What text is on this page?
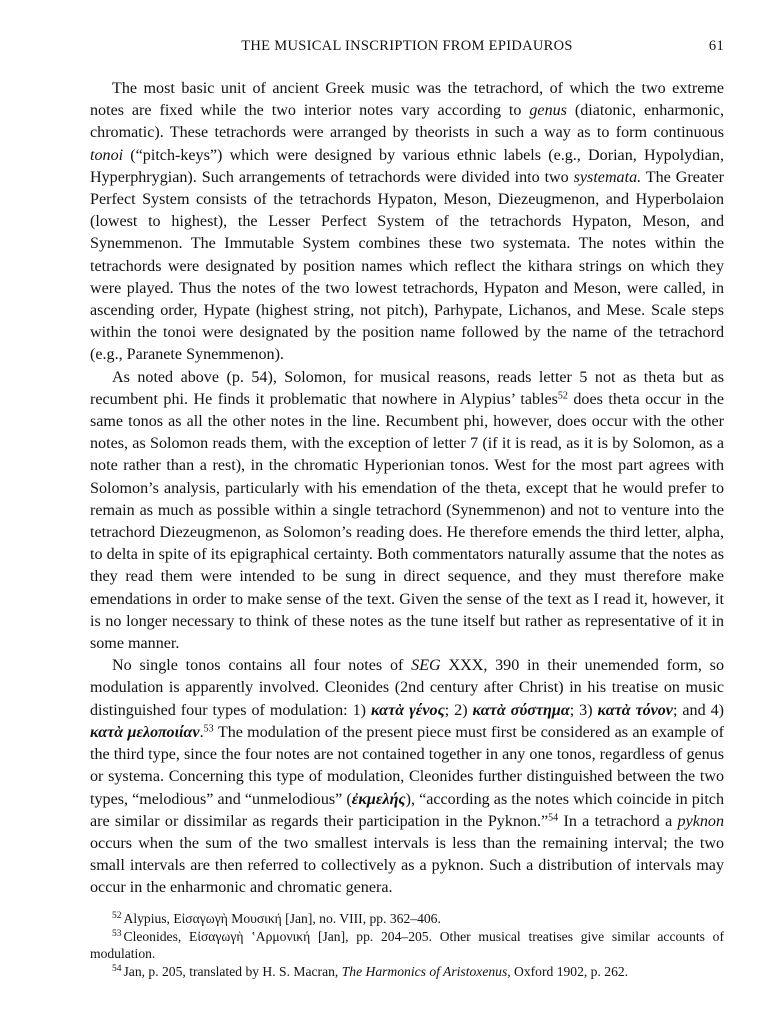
THE MUSICAL INSCRIPTION FROM EPIDAUROS	61

The most basic unit of ancient Greek music was the tetrachord, of which the two extreme notes are fixed while the two interior notes vary according to genus (diatonic, enharmonic, chromatic). These tetrachords were arranged by theorists in such a way as to form continuous tonoi (“pitch-keys”) which were designed by various ethnic labels (e.g., Dorian, Hypolydian, Hyperphrygian). Such arrangements of tetrachords were divided into two systemata. The Greater Perfect System consists of the tetrachords Hypaton, Meson, Diezeugmenon, and Hyperbolaion (lowest to highest), the Lesser Perfect System of the tetrachords Hypaton, Meson, and Synemmenon. The Immutable System combines these two systemata. The notes within the tetrachords were designated by position names which reflect the kithara strings on which they were played. Thus the notes of the two lowest tetrachords, Hypaton and Meson, were called, in ascending order, Hypate (highest string, not pitch), Parhypate, Lichanos, and Mese. Scale steps within the tonoi were designated by the position name followed by the name of the tetrachord (e.g., Paranete Synemmenon).

As noted above (p. 54), Solomon, for musical reasons, reads letter 5 not as theta but as recumbent phi. He finds it problematic that nowhere in Alypius’ tables$^{52}$ does theta occur in the same tonos as all the other notes in the line. Recumbent phi, however, does occur with the other notes, as Solomon reads them, with the exception of letter 7 (if it is read, as it is by Solomon, as a note rather than a rest), in the chromatic Hyperionian tonos. West for the most part agrees with Solomon’s analysis, particularly with his emendation of the theta, except that he would prefer to remain as much as possible within a single tetrachord (Synemmenon) and not to venture into the tetrachord Diezeugmenon, as Solomon’s reading does. He therefore emends the third letter, alpha, to delta in spite of its epigraphical certainty. Both commentators naturally assume that the notes as they read them were intended to be sung in direct sequence, and they must therefore make emendations in order to make sense of the text. Given the sense of the text as I read it, however, it is no longer necessary to think of these notes as the tune itself but rather as representative of it in some manner.

No single tonos contains all four notes of SEG XXX, 390 in their unemended form, so modulation is apparently involved. Cleonides (2nd century after Christ) in his treatise on music distinguished four types of modulation: 1) κατὰ γένος; 2) κατὰ σύστημα; 3) κατὰ τόνον; and 4) κατὰ μελοποιίαν.$^{53}$ The modulation of the present piece must first be considered as an example of the third type, since the four notes are not contained together in any one tonos, regardless of genus or systema. Concerning this type of modulation, Cleonides further distinguished between the two types, “melodious” and “unmelodious” (ἐκμελής), “according as the notes which coincide in pitch are similar or dissimilar as regards their participation in the Pyknon.”$^{54}$ In a tetrachord a pyknon occurs when the sum of the two smallest intervals is less than the remaining interval; the two small intervals are then referred to collectively as a pyknon. Such a distribution of intervals may occur in the enharmonic and chromatic genera.

$^{52}$ Alypius, Εἰσαγωγὴ Μουσική [Jan], no. VIII, pp. 362–406.

$^{53}$ Cleonides, Εἰσαγωγὴ ʽΑρμονική [Jan], pp. 204–205. Other musical treatises give similar accounts of modulation.

$^{54}$ Jan, p. 205, translated by H. S. Macran, The Harmonics of Aristoxenus, Oxford 1902, p. 262.
